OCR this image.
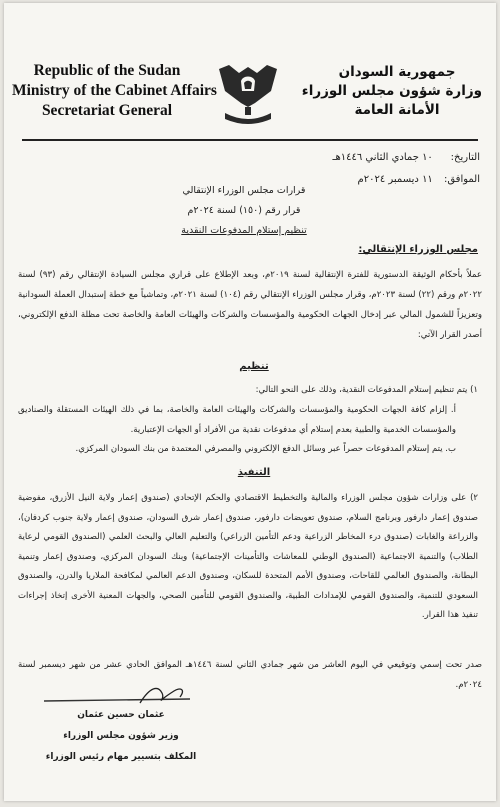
Republic of the Sudan
Ministry of the Cabinet Affairs
Secretariat General
جمهورية السودان
وزارة شؤون مجلس الوزراء
الأمانة العامة
التاريخ: ١٠ جمادي الثاني ١٤٤٦هـ
الموافق: ١١ ديسمبر ٢٠٢٤م
قرارات مجلس الوزراء الإنتقالي
قرار رقم (١٥٠) لسنة ٢٠٢٤م
تنظيم إستلام المدفوعات النقدية
مجلس الوزراء الإنتقالي:
عملاً بأحكام الوثيقة الدستورية للفترة الإنتقالية لسنة ٢٠١٩م، وبعد الإطلاع على قراري مجلس السيادة الإنتقالي رقم (٩٣) لسنة ٢٠٢٢م ورقم (٢٢) لسنة ٢٠٢٣م، وقرار مجلس الوزراء الإنتقالي رقم (١٠٤) لسنة ٢٠٢١م، وتماشياً مع خطة إستبدال العملة السودانية وتعزيزاً للشمول المالي عبر إدخال الجهات الحكومية والمؤسسات والشركات والهيئات العامة والخاصة تحت مظلة الدفع الإلكتروني، أصدر القرار الآتي:
تنظيم
١) يتم تنظيم إستلام المدفوعات النقدية، وذلك على النحو التالي:
أ. إلزام كافة الجهات الحكومية والمؤسسات والشركات والهيئات العامة والخاصة، بما في ذلك الهيئات المستقلة والصناديق والمؤسسات الخدمية والطبية بعدم إستلام أي مدفوعات نقدية من الأفراد أو الجهات الإعتبارية.
ب. يتم إستلام المدفوعات حصراً عبر وسائل الدفع الإلكتروني والمصرفي المعتمدة من بنك السودان المركزي.
التنفيذ
٢) على وزارات شؤون مجلس الوزراء والمالية والتخطيط الاقتصادي والحكم الإتحادي (صندوق إعمار ولاية النيل الأزرق، مفوضية صندوق إعمار دارفور وبرنامج السلام، صندوق تعويضات دارفور، صندوق إعمار شرق السودان، صندوق إعمار ولاية جنوب كردفان)، والزراعة والغابات (صندوق درء المخاطر الزراعية ودعم التأمين الزراعي) والتعليم العالي والبحث العلمي (الصندوق القومي لرعاية الطلاب) والتنمية الاجتماعية (الصندوق الوطني للمعاشات والتأمينات الإجتماعية) وبنك السودان المركزي، وصندوق إعمار وتنمية البطانة، والصندوق العالمي للقاحات، وصندوق الأمم المتحدة للسكان، وصندوق الدعم العالمي لمكافحة الملاريا والدرن، والصندوق السعودي للتنمية، والصندوق القومي للإمدادات الطبية، والصندوق القومي للتأمين الصحي، والجهات المعنية الأخرى إتخاذ إجراءات تنفيذ هذا القرار.
صدر تحت إسمي وتوقيعي في اليوم العاشر من شهر جمادي الثاني لسنة ١٤٤٦هـ الموافق الحادي عشر من شهر ديسمبر لسنة ٢٠٢٤م.
عثمان حسين عثمان
وزير شؤون مجلس الوزراء
المكلف بتسيير مهام رئيس الوزراء
